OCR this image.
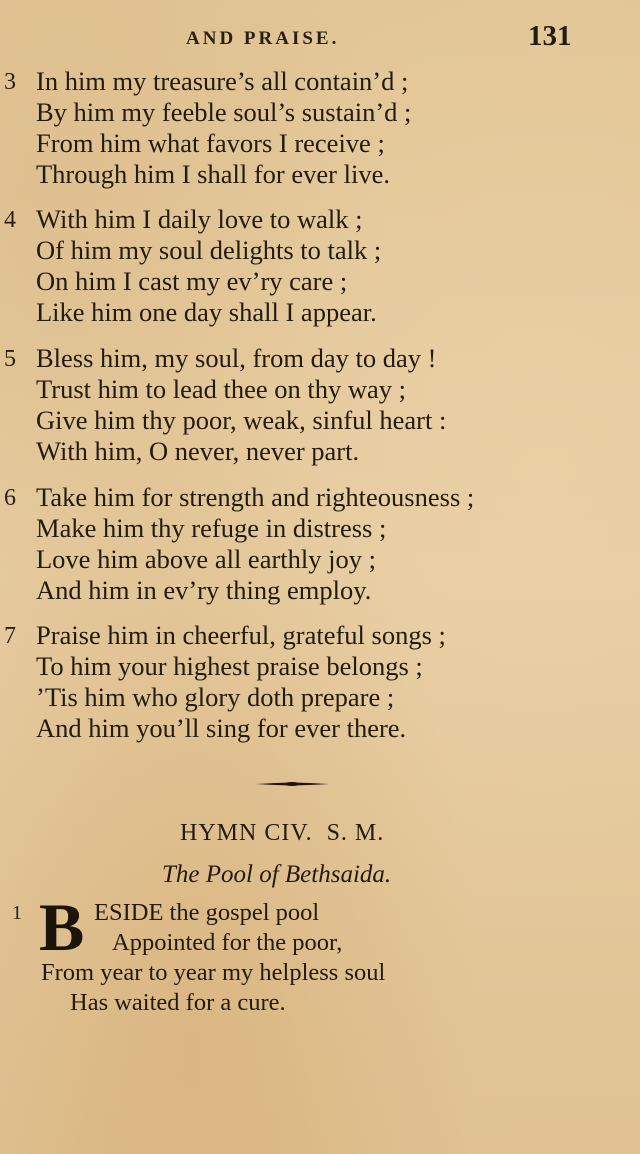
AND PRAISE.	131
3 In him my treasure’s all contain’d ;
By him my feeble soul’s sustain’d ;
From him what favors I receive ;
Through him I shall for ever live.
4 With him I daily love to walk ;
Of him my soul delights to talk ;
On him I cast my ev’ry care ;
Like him one day shall I appear.
5 Bless him, my soul, from day to day !
Trust him to lead thee on thy way ;
Give him thy poor, weak, sinful heart :
With him, O never, never part.
6 Take him for strength and righteousness ;
Make him thy refuge in distress ;
Love him above all earthly joy ;
And him in ev’ry thing employ.
7 Praise him in cheerful, grateful songs ;
To him your highest praise belongs ;
’Tis him who glory doth prepare ;
And him you’ll sing for ever there.
HYMN CIV.  S. M.
The Pool of Bethsaida.
1 B ESIDE the gospel pool
Appointed for the poor,
From year to year my helpless soul
Has waited for a cure.
